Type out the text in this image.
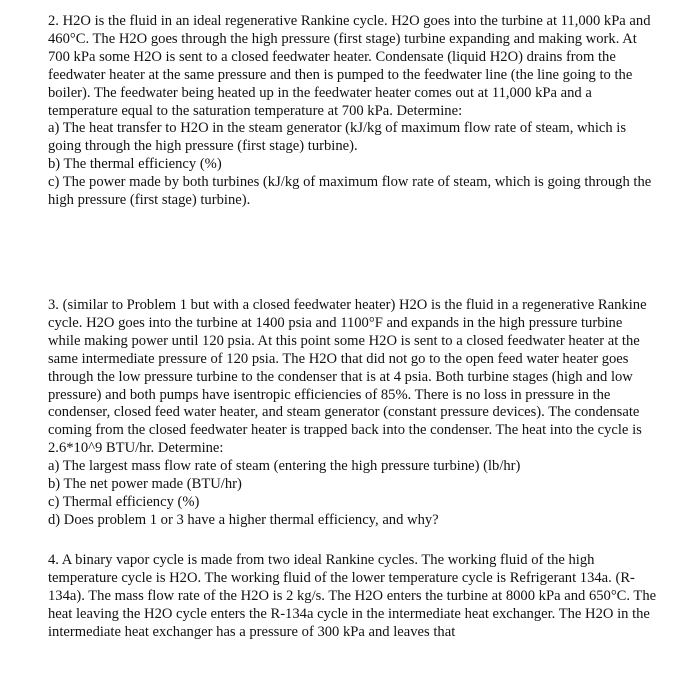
2. H2O is the fluid in an ideal regenerative Rankine cycle. H2O goes into the turbine at 11,000 kPa and 460°C. The H2O goes through the high pressure (first stage) turbine expanding and making work. At 700 kPa some H2O is sent to a closed feedwater heater. Condensate (liquid H2O) drains from the feedwater heater at the same pressure and then is pumped to the feedwater line (the line going to the boiler). The feedwater being heated up in the feedwater heater comes out at 11,000 kPa and a temperature equal to the saturation temperature at 700 kPa. Determine:

a) The heat transfer to H2O in the steam generator (kJ/kg of maximum flow rate of steam, which is going through the high pressure (first stage) turbine).
b) The thermal efficiency (%)
c) The power made by both turbines (kJ/kg of maximum flow rate of steam, which is going through the high pressure (first stage) turbine).

3. (similar to Problem 1 but with a closed feedwater heater) H2O is the fluid in a regenerative Rankine cycle. H2O goes into the turbine at 1400 psia and 1100°F and expands in the high pressure turbine while making power until 120 psia. At this point some H2O is sent to a closed feedwater heater at the same intermediate pressure of 120 psia. The H2O that did not go to the open feed water heater goes through the low pressure turbine to the condenser that is at 4 psia. Both turbine stages (high and low pressure) and both pumps have isentropic efficiencies of 85%. There is no loss in pressure in the condenser, closed feed water heater, and steam generator (constant pressure devices). The condensate coming from the closed feedwater heater is trapped back into the condenser. The heat into the cycle is 2.6*10^9 BTU/hr. Determine:

a) The largest mass flow rate of steam (entering the high pressure turbine) (lb/hr)
b) The net power made (BTU/hr)
c) Thermal efficiency (%)
d) Does problem 1 or 3 have a higher thermal efficiency, and why?

4. A binary vapor cycle is made from two ideal Rankine cycles. The working fluid of the high temperature cycle is H2O. The working fluid of the lower temperature cycle is Refrigerant 134a. (R-134a). The mass flow rate of the H2O is 2 kg/s. The H2O enters the turbine at 8000 kPa and 650°C. The heat leaving the H2O cycle enters the R-134a cycle in the intermediate heat exchanger. The H2O in the intermediate heat exchanger has a pressure of 300 kPa and leaves that
